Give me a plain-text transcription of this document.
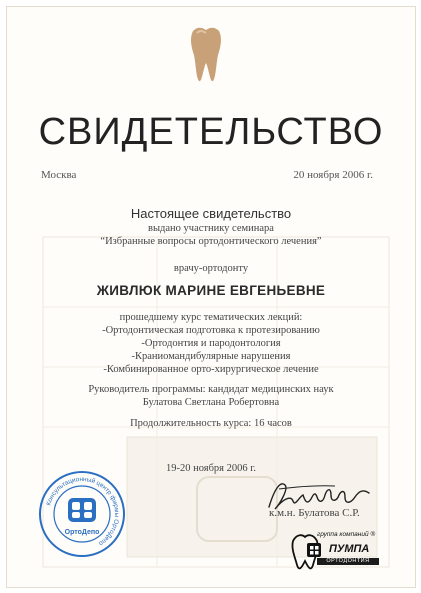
СВИДЕТЕЛЬСТВО
Москва	20 ноября 2006 г.
Настоящее свидетельство
выдано участнику семинара
“Избранные вопросы ортодонтического лечения”
врачу-ортодонту
ЖИВЛЮК МАРИНЕ ЕВГЕНЬЕВНЕ
прошедшему курс тематических лекций:
-Ортодонтическая подготовка к протезированию
-Ортодонтия и пародонтология
-Краниомандибулярные нарушения
-Комбинированное орто-хирургическое лечение
Руководитель программы: кандидат медицинских наук
Булатова Светлана Робертовна
Продолжительность курса: 16 часов
19-20 ноября 2006 г.
Консультационный центр фирмы ОртоДепо
ОртоДепо
к.м.н. Булатова С.Р.
группа компаний ®
ПУМПА
ОРТОДОНТИЯ
